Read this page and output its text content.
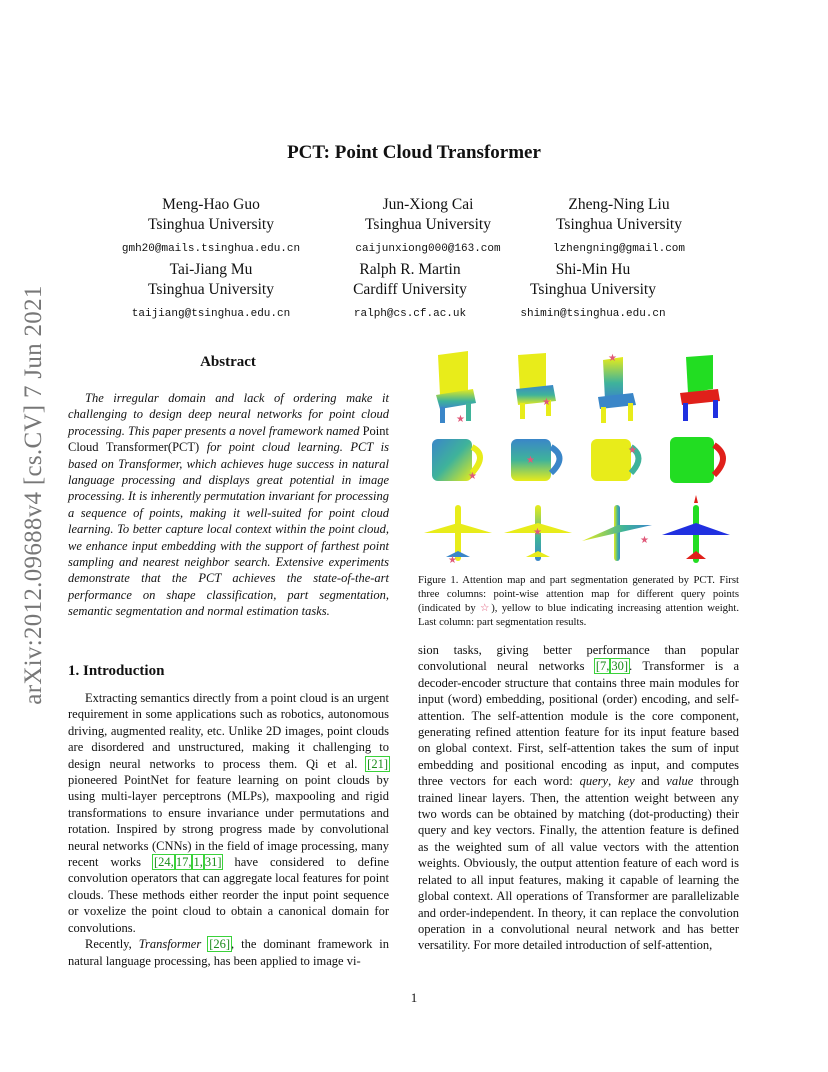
arXiv:2012.09688v4 [cs.CV] 7 Jun 2021
PCT: Point Cloud Transformer
Meng-Hao Guo
Tsinghua University
gmh20@mails.tsinghua.edu.cn
Jun-Xiong Cai
Tsinghua University
caijunxiong000@163.com
Zheng-Ning Liu
Tsinghua University
lzhengning@gmail.com
Tai-Jiang Mu
Tsinghua University
taijiang@tsinghua.edu.cn
Ralph R. Martin
Cardiff University
ralph@cs.cf.ac.uk
Shi-Min Hu
Tsinghua University
shimin@tsinghua.edu.cn
Abstract

The irregular domain and lack of ordering make it challenging to design deep neural networks for point cloud processing. This paper presents a novel framework named Point Cloud Transformer(PCT) for point cloud learning. PCT is based on Transformer, which achieves huge success in natural language processing and displays great potential in image processing. It is inherently permutation invariant for processing a sequence of points, making it well-suited for point cloud learning. To better capture local context within the point cloud, we enhance input embedding with the support of farthest point sampling and nearest neighbor search. Extensive experiments demonstrate that the PCT achieves the state-of-the-art performance on shape classification, part segmentation, semantic segmentation and normal estimation tasks.

1. Introduction

Extracting semantics directly from a point cloud is an urgent requirement in some applications such as robotics, autonomous driving, augmented reality, etc. Unlike 2D images, point clouds are disordered and unstructured, making it challenging to design neural networks to process them. Qi et al. [21] pioneered PointNet for feature learning on point clouds by using multi-layer perceptrons (MLPs), maxpooling and rigid transformations to ensure invariance under permutations and rotation. Inspired by strong progress made by convolutional neural networks (CNNs) in the field of image processing, many recent works [24, 17, 1, 31] have considered to define convolution operators that can aggregate local features for point clouds. These methods either reorder the input point sequence or voxelize the point cloud to obtain a canonical domain for convolutions.

Recently, Transformer [26], the dominant framework in natural language processing, has been applied to image vi-

★
★
★
★
★
★
★
★
★

Figure 1. Attention map and part segmentation generated by PCT. First three columns: point-wise attention map for different query points (indicated by ☆), yellow to blue indicating increasing attention weight. Last column: part segmentation results.

sion tasks, giving better performance than popular convolutional neural networks [7, 30]. Transformer is a decoder-encoder structure that contains three main modules for input (word) embedding, positional (order) encoding, and self-attention. The self-attention module is the core component, generating refined attention feature for its input feature based on global context. First, self-attention takes the sum of input embedding and positional encoding as input, and computes three vectors for each word: query, key and value through trained linear layers. Then, the attention weight between any two words can be obtained by matching (dot-producting) their query and key vectors. Finally, the attention feature is defined as the weighted sum of all value vectors with the attention weights. Obviously, the output attention feature of each word is related to all input features, making it capable of learning the global context. All operations of Transformer are parallelizable and order-independent. In theory, it can replace the convolution operation in a convolutional neural network and has better versatility. For more detailed introduction of self-attention,

1
